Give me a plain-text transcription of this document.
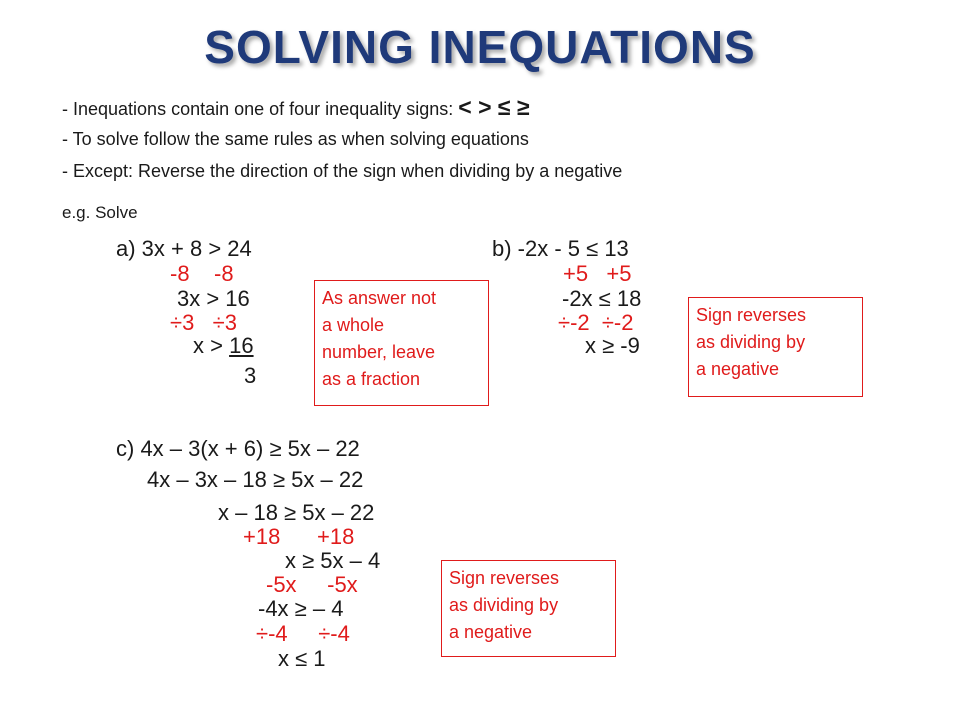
SOLVING INEQUATIONS
- Inequations contain one of four inequality signs: < > ≤ ≥
- To solve follow the same rules as when solving equations
- Except: Reverse the direction of the sign when dividing by a negative
e.g. Solve
a) 3x + 8 > 24
-8    -8
3x > 16
÷3   ÷3
x > 16
3
b) -2x - 5 ≤ 13
+5   +5
-2x ≤ 18
÷-2  ÷-2
x ≥ -9
As answer not
a whole
number, leave
as a fraction
Sign reverses
as dividing by
a negative
Sign reverses
as dividing by
a negative
c) 4x – 3(x + 6) ≥ 5x – 22
4x – 3x – 18 ≥ 5x – 22
x – 18 ≥ 5x – 22
+18      +18
x ≥ 5x – 4
-5x     -5x
-4x ≥ – 4
÷-4     ÷-4
x ≤ 1
